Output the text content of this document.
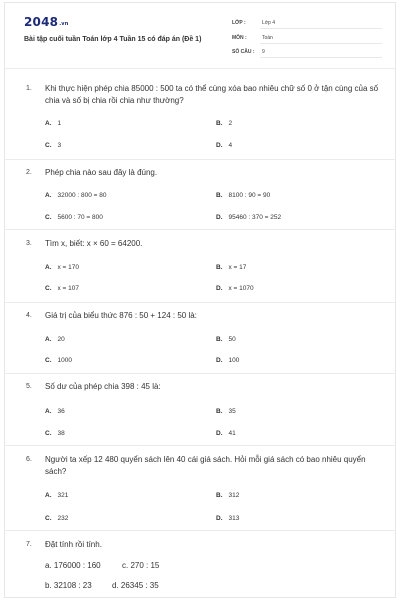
2048.vn
Bài tập cuối tuần Toán lớp 4 Tuần 15 có đáp án (Đề 1)
LỚP :	Lớp 4
MÔN :	Toán
SỐ CÂU : 9
1. Khi thực hiện phép chia 85000 : 500 ta có thể cùng xóa bao nhiêu chữ số 0 ở tận cùng của số chia và số bị chia rồi chia như thường?
A. 1	B. 2
C. 3	D. 4
2. Phép chia nào sau đây là đúng.
A. 32000 : 800 = 80	B. 8100 : 90 = 90
C. 5600 : 70 = 800	D. 95460 : 370 = 252
3. Tìm x, biết: x × 60 = 64200.
A. x = 170	B. x = 17
C. x = 107	D. x = 1070
4. Giá trị của biểu thức 876 : 50 + 124 : 50 là:
A. 20	B. 50
C. 1000	D. 100
5. Số dư của phép chia 398 : 45 là:
A. 36	B. 35
C. 38	D. 41
6. Người ta xếp 12 480 quyển sách lên 40 cái giá sách. Hỏi mỗi giá sách có bao nhiêu quyển sách?
A. 321	B. 312
C. 232	D. 313
7. Đặt tính rồi tính.
a. 176000 : 160	c. 270 : 15
b. 32108 : 23	d. 26345 : 35
